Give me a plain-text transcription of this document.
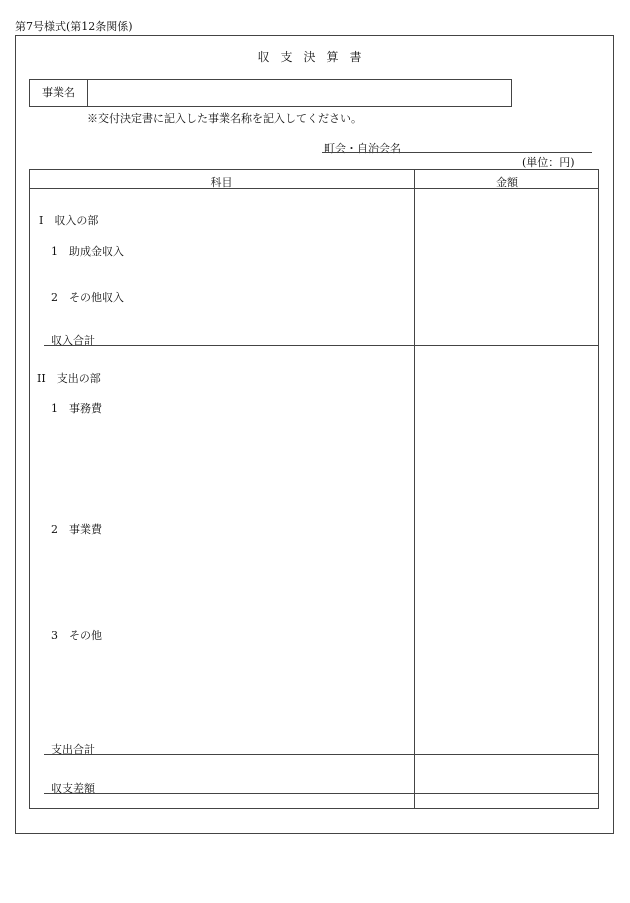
第7号様式(第12条関係)
収支決算書
事業名
※交付決定書に記入した事業名称を記入してください。
町会・自治会名
(単位：円)
科目	金額
I　収入の部
1　助成金収入
2　その他収入
収入合計
II　支出の部
1　事務費
2　事業費
3　その他
支出合計
収支差額
